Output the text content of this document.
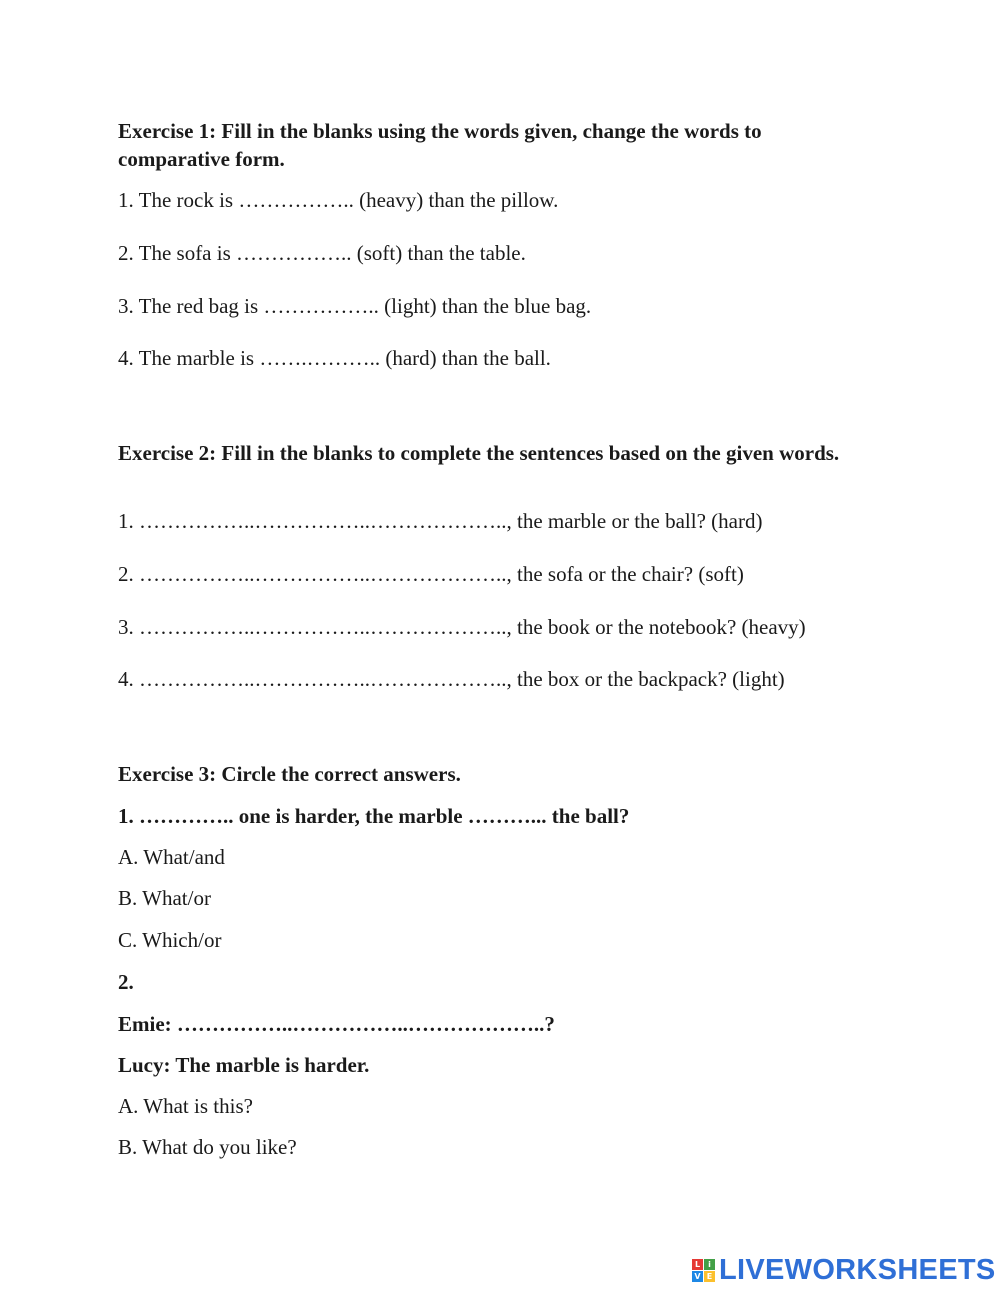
Exercise 1: Fill in the blanks using the words given, change the words to comparative form.
1. The rock is …………….. (heavy) than the pillow.
2. The sofa is …………….. (soft) than the table.
3. The red bag is …………….. (light) than the blue bag.
4. The marble is …….……….. (hard) than the ball.
Exercise 2: Fill in the blanks to complete the sentences based on the given words.
1. ……………..……………..……………….., the marble or the ball? (hard)
2. ……………..……………..……………….., the sofa or the chair? (soft)
3. ……………..……………..……………….., the book or the notebook? (heavy)
4. ……………..……………..……………….., the box or the backpack? (light)
Exercise 3: Circle the correct answers.
1. ………….. one is harder, the marble ………... the ball?
A. What/and
B. What/or
C. Which/or
2.
Emie: ……………..……………..………………..?
Lucy: The marble is harder.
A. What is this?
B. What do you like?
L	i
V E LIVEWORKSHEETS
